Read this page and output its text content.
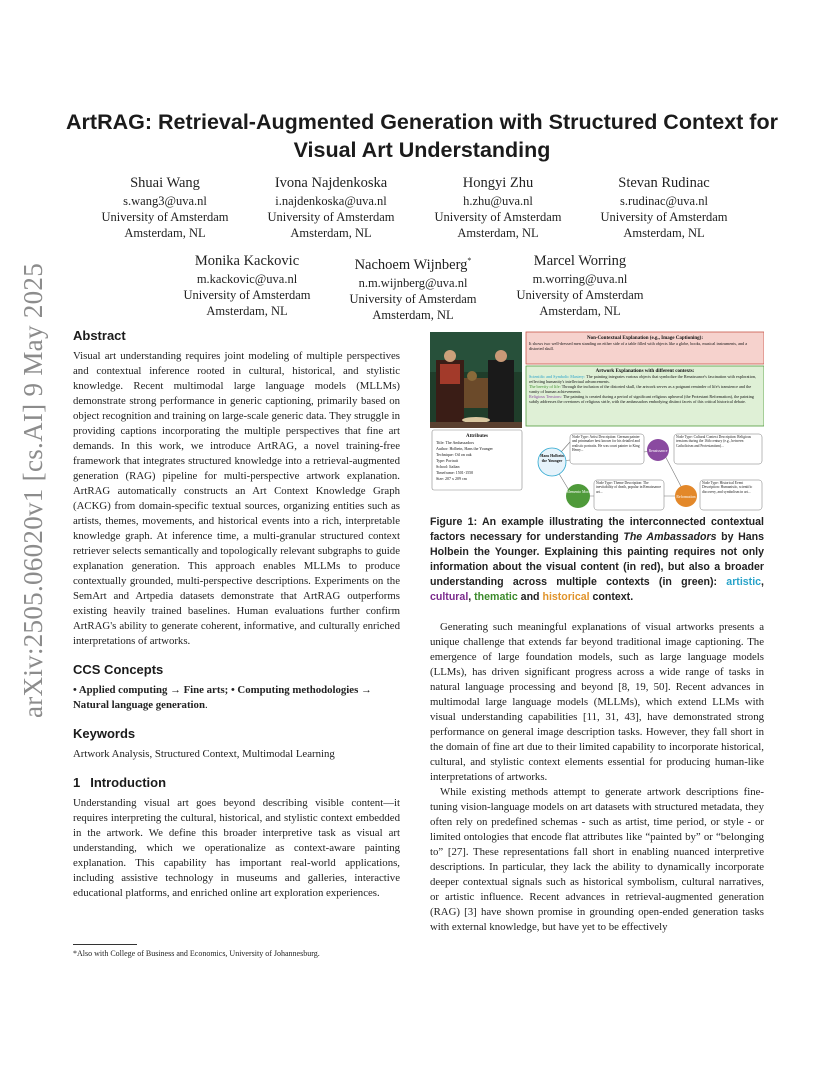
arXiv:2505.06020v1 [cs.AI] 9 May 2025
ArtRAG: Retrieval-Augmented Generation with Structured Context for Visual Art Understanding
Shuai Wang
s.wang3@uva.nl
University of Amsterdam
Amsterdam, NL
Ivona Najdenkoska
i.najdenkoska@uva.nl
University of Amsterdam
Amsterdam, NL
Hongyi Zhu
h.zhu@uva.nl
University of Amsterdam
Amsterdam, NL
Stevan Rudinac
s.rudinac@uva.nl
University of Amsterdam
Amsterdam, NL
Monika Kackovic
m.kackovic@uva.nl
University of Amsterdam
Amsterdam, NL
Nachoem Wijnberg*
n.m.wijnberg@uva.nl
University of Amsterdam
Amsterdam, NL
Marcel Worring
m.worring@uva.nl
University of Amsterdam
Amsterdam, NL
Abstract

Visual art understanding requires joint modeling of multiple perspectives and contextual inference rooted in cultural, historical, and stylistic knowledge. Recent multimodal large language models (MLLMs) demonstrate strong performance in generic captioning, primarily based on object recognition and training on large-scale generic data. They struggle in providing captions incorporating the multiple perspectives that fine art demands. In this work, we introduce ArtRAG, a novel training-free framework that integrates structured knowledge into a retrieval-augmented generation (RAG) pipeline for multi-perspective artwork explanation. ArtRAG automatically constructs an Art Context Knowledge Graph (ACKG) from domain-specific textual sources, organizing entities such as artists, themes, movements, and historical events into a rich, interpretable knowledge graph. At inference time, a multi-granular structured context retriever selects semantically and topologically relevant subgraphs to guide explanation generation. This approach enables MLLMs to produce contextually grounded, multi-perspective descriptions. Experiments on the SemArt and Artpedia datasets demonstrate that ArtRAG outperforms existing heavily trained baselines. Human evaluations further confirm ArtRAG's ability to generate coherent, informative, and culturally enriched interpretations of artworks.

CCS Concepts

• Applied computing → Fine arts; • Computing methodologies → Natural language generation.

Keywords

Artwork Analysis, Structured Context, Multimodal Learning

1 Introduction

Understanding visual art goes beyond describing visible content—it requires interpreting the cultural, historical, and stylistic context embedded in the artwork. We define this broader interpretive task as visual art understanding, which we operationalize as context-aware painting explanation. This capability has important real-world applications, including assistive technology in museums and galleries, interactive educational platforms, and enriched online art exploration experiences.

*Also with College of Business and Economics, University of Johannesburg.
Non-Contextual Explanation (e.g., Image Captioning):
It shows two well-dressed men standing on either side of a table filled with objects like a globe, books, musical instruments, and a distorted skull.
Artwork Explanations with different contexts:
Scientific and Symbolic Mastery: The painting integrates various objects that symbolize the Renaissance's fascination with exploration, reflecting humanity's intellectual advancements.
The brevity of life: Through the inclusion of the distorted skull, the artwork serves as a poignant reminder of life's transience and the vanity of human achievements.
Religious Tensions: The painting is created during a period of significant religious upheaval (the Protestant Reformation), the painting subtly addresses the overtones of religious strife, with the ambassadors embodying distinct facets of this critical historical debate.
Attributes
Title: The Ambassadors
Author: Holbein, Hans the Younger
Technique: Oil on oak
Type: Portrait
School: Italian
Timeframe: 1501-1550
Size: 207 x 209 cm
Hans Holbein the Younger
Node Type: Artist Description: German painter and printmaker best known for his detailed and realistic portraits. He was court painter to King Henry...	Renaissance
Node Type: Cultural Context Description: Religious tensions during the 16th century (e.g., between Catholicism and Protestantism)...
Memento Mori
Node Type: Theme Description: The inevitability of death, popular in Renaissance art...
Reformation
Node Type: Historical Event Description: Humanistic, scientific discovery, and symbolism in art...

Figure 1: An example illustrating the interconnected contextual factors necessary for understanding The Ambassadors by Hans Holbein the Younger. Explaining this painting requires not only information about the visual content (in red), but also a broader understanding across multiple contexts (in green): artistic, cultural, thematic and historical context.

Generating such meaningful explanations of visual artworks presents a unique challenge that extends far beyond traditional image captioning. The emergence of large foundation models, such as large language models (LLMs), has driven significant progress across a wide range of tasks in natural language processing and beyond [8, 19, 50]. Recent advances in multimodal large language models (MLLMs), which extend LLMs with visual understanding capabilities [11, 31, 43], have demonstrated strong performance on general image description tasks. However, they fall short in the domain of fine art due to their limited capability to incorporate historical, cultural, and stylistic context elements essential for producing human-like interpretations of artworks.

While existing methods attempt to generate artwork descriptions fine-tuning vision-language models on art datasets with structured metadata, they often rely on predefined schemas - such as artist, time period, or style - or limited ontologies that encode flat attributes like “painted by” or “belonging to” [27]. These representations fall short in enabling nuanced interpretive descriptions. In particular, they lack the ability to dynamically incorporate deeper contextual signals such as historical symbolism, cultural narratives, or artistic influence. Recent advances in retrieval-augmented generation (RAG) [3] have shown promise in grounding open-ended generation tasks with external knowledge, but have yet to be effectively
